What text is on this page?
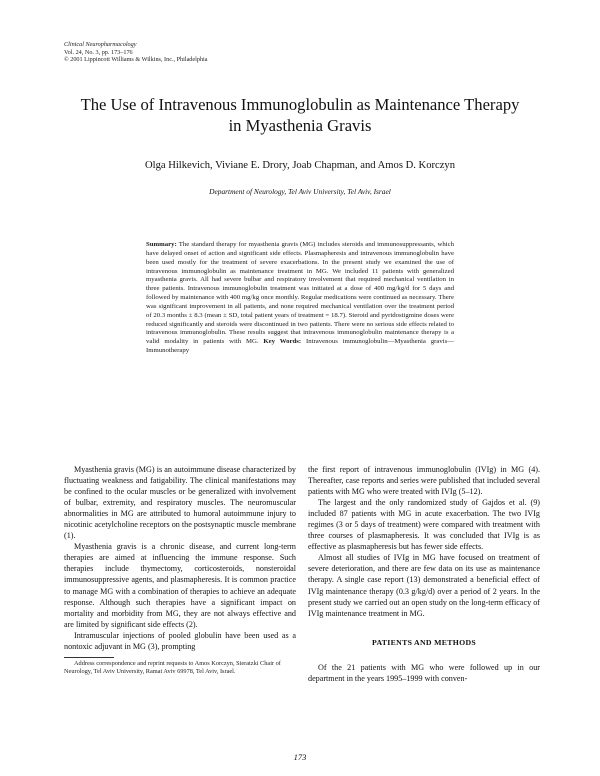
Clinical Neuropharmacology
Vol. 24, No. 3, pp. 173–176
© 2001 Lippincott Williams & Wilkins, Inc., Philadelphia
The Use of Intravenous Immunoglobulin as Maintenance Therapy
in Myasthenia Gravis
Olga Hilkevich, Viviane E. Drory, Joab Chapman, and Amos D. Korczyn
Department of Neurology, Tel Aviv University, Tel Aviv, Israel
Summary: The standard therapy for myasthenia gravis (MG) includes steroids and immunosuppressants, which have delayed onset of action and significant side effects. Plasmapheresis and intravenous immunoglobulin have been used mostly for the treatment of severe exacerbations. In the present study we examined the use of intravenous immunoglobulin as maintenance treatment in MG. We included 11 patients with generalized myasthenia gravis. All had severe bulbar and respiratory involvement that required mechanical ventilation in three patients. Intravenous immunoglobulin treatment was initiated at a dose of 400 mg/kg/d for 5 days and followed by maintenance with 400 mg/kg once monthly. Regular medications were continued as necessary. There was significant improvement in all patients, and none required mechanical ventilation over the treatment period of 20.3 months ± 8.3 (mean ± SD, total patient years of treatment = 18.7). Steroid and pyridostigmine doses were reduced significantly and steroids were discontinued in two patients. There were no serious side effects related to intravenous immunoglobulin. These results suggest that intravenous immunoglobulin maintenance therapy is a valid modality in patients with MG. Key Words: Intravenous immunoglobulin—Myasthenia gravis—Immunotherapy

Myasthenia gravis (MG) is an autoimmune disease characterized by fluctuating weakness and fatigability. The clinical manifestations may be confined to the ocular muscles or be generalized with involvement of bulbar, extremity, and respiratory muscles. The neuromuscular abnormalities in MG are attributed to humoral autoimmune injury to nicotinic acetylcholine receptors on the postsynaptic muscle membrane (1).

Myasthenia gravis is a chronic disease, and current long-term therapies are aimed at influencing the immune response. Such therapies include thymectomy, corticosteroids, nonsteroidal immunosuppressive agents, and plasmapheresis. It is common practice to manage MG with a combination of therapies to achieve an adequate response. Although such therapies have a significant impact on mortality and morbidity from MG, they are not always effective and are limited by significant side effects (2).

Intramuscular injections of pooled globulin have been used as a nontoxic adjuvant in MG (3), prompting

the first report of intravenous immunoglobulin (IVIg) in MG (4). Thereafter, case reports and series were published that included several patients with MG who were treated with IVIg (5–12).

The largest and the only randomized study of Gajdos et al. (9) included 87 patients with MG in acute exacerbation. The two IVIg regimes (3 or 5 days of treatment) were compared with treatment with three courses of plasmapheresis. It was concluded that IVIg is as effective as plasmapheresis but has fewer side effects.

Almost all studies of IVIg in MG have focused on treatment of severe deterioration, and there are few data on its use as maintenance therapy. A single case report (13) demonstrated a beneficial effect of IVIg maintenance therapy (0.3 g/kg/d) over a period of 2 years. In the present study we carried out an open study on the long-term efficacy of IVIg maintenance treatment in MG.

PATIENTS AND METHODS

Of the 21 patients with MG who were followed up in our department in the years 1995–1999 with conven-

Address correspondence and reprint requests to Amos Korczyn, Sieratzki Chair of Neurology, Tel Aviv University, Ramat Aviv 69978, Tel Aviv, Israel.

173
